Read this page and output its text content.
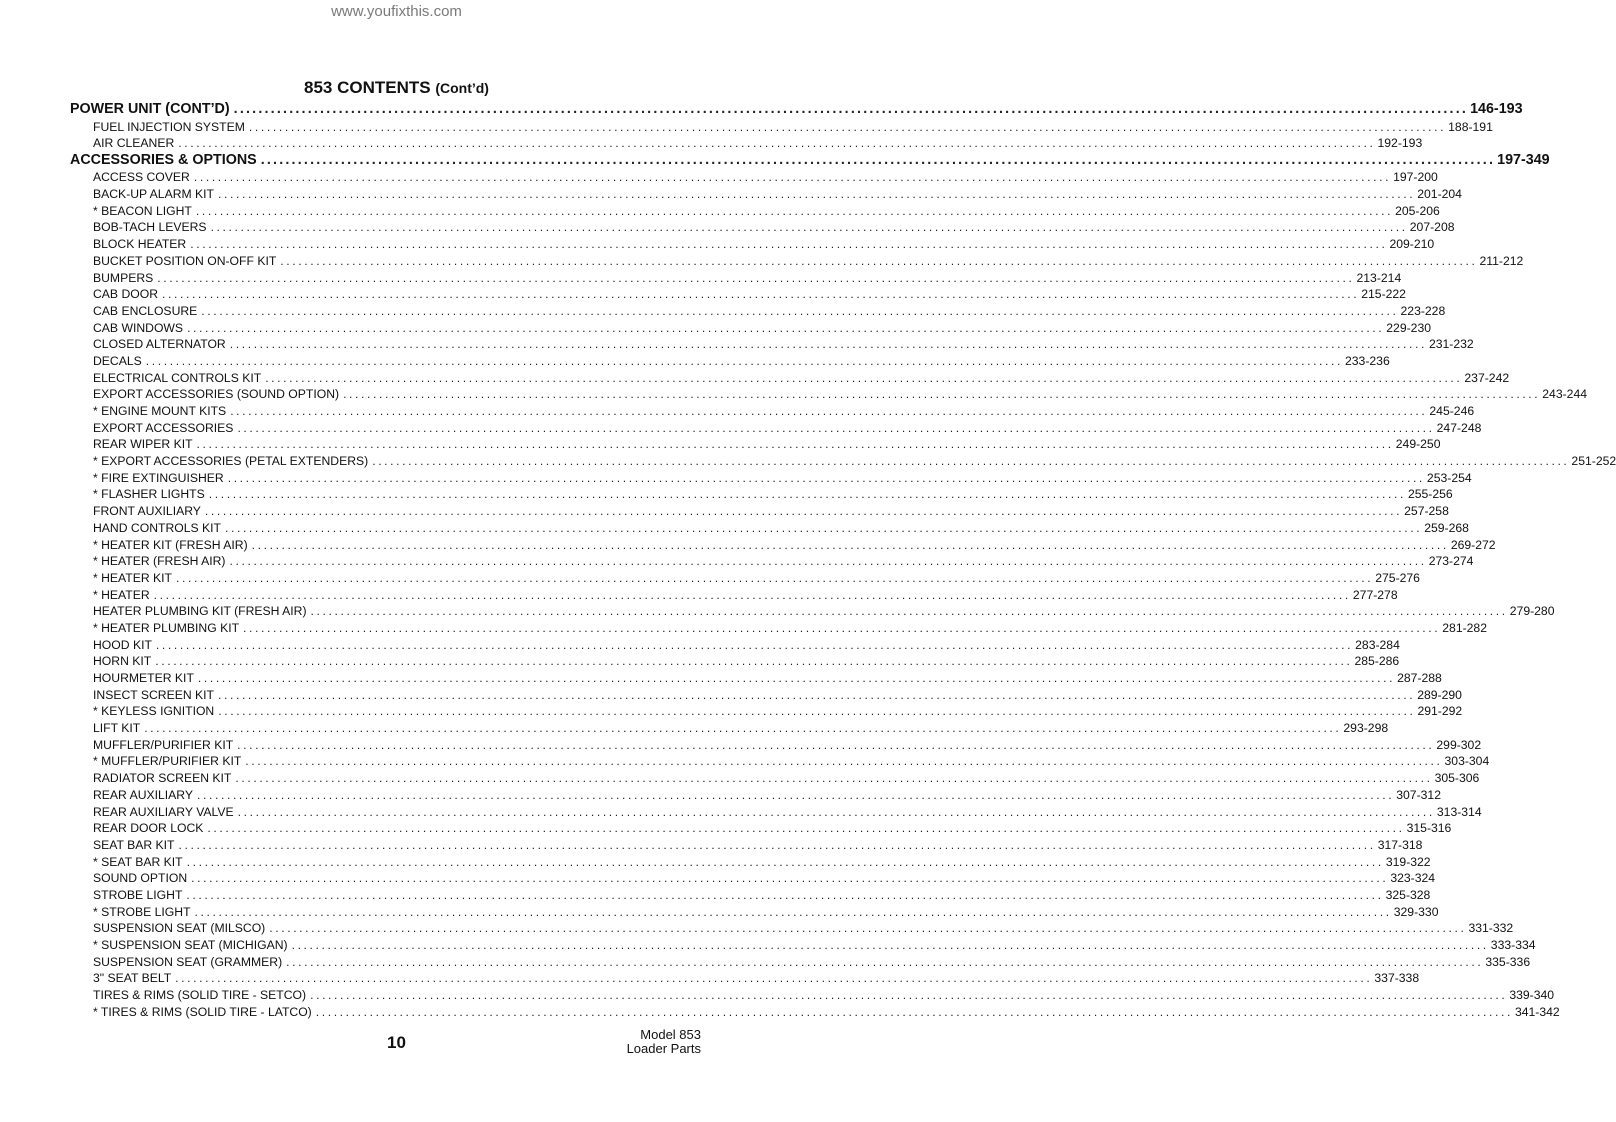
www.youfixthis.com
853 CONTENTS (Cont’d)
POWER UNIT (CONT’D) ........................................................................................................................................................................................................ 146-193
FUEL INJECTION SYSTEM ........................................................................................................................................................................................................ 188-191
AIR CLEANER ........................................................................................................................................................................................................ 192-193
ACCESSORIES & OPTIONS ........................................................................................................................................................................................................ 197-349
ACCESS COVER ........................................................................................................................................................................................................ 197-200
BACK-UP ALARM KIT ........................................................................................................................................................................................................ 201-204
* BEACON LIGHT ........................................................................................................................................................................................................ 205-206
BOB-TACH LEVERS ........................................................................................................................................................................................................ 207-208
BLOCK HEATER ........................................................................................................................................................................................................ 209-210
BUCKET POSITION ON-OFF KIT ........................................................................................................................................................................................................ 211-212
BUMPERS ........................................................................................................................................................................................................ 213-214
CAB DOOR ........................................................................................................................................................................................................ 215-222
CAB ENCLOSURE ........................................................................................................................................................................................................ 223-228
CAB WINDOWS ........................................................................................................................................................................................................ 229-230
CLOSED ALTERNATOR ........................................................................................................................................................................................................ 231-232
DECALS ........................................................................................................................................................................................................ 233-236
ELECTRICAL CONTROLS KIT ........................................................................................................................................................................................................ 237-242
EXPORT ACCESSORIES (SOUND OPTION) ........................................................................................................................................................................................................ 243-244
* ENGINE MOUNT KITS ........................................................................................................................................................................................................ 245-246
EXPORT ACCESSORIES ........................................................................................................................................................................................................ 247-248
REAR WIPER KIT ........................................................................................................................................................................................................ 249-250
* EXPORT ACCESSORIES (PETAL EXTENDERS) ........................................................................................................................................................................................................ 251-252
* FIRE EXTINGUISHER ........................................................................................................................................................................................................ 253-254
* FLASHER LIGHTS ........................................................................................................................................................................................................ 255-256
FRONT AUXILIARY ........................................................................................................................................................................................................ 257-258
HAND CONTROLS KIT ........................................................................................................................................................................................................ 259-268
* HEATER KIT (FRESH AIR) ........................................................................................................................................................................................................ 269-272
* HEATER (FRESH AIR) ........................................................................................................................................................................................................ 273-274
* HEATER KIT ........................................................................................................................................................................................................ 275-276
* HEATER ........................................................................................................................................................................................................ 277-278
HEATER PLUMBING KIT (FRESH AIR) ........................................................................................................................................................................................................ 279-280
* HEATER PLUMBING KIT ........................................................................................................................................................................................................ 281-282
HOOD KIT ........................................................................................................................................................................................................ 283-284
HORN KIT ........................................................................................................................................................................................................ 285-286
HOURMETER KIT ........................................................................................................................................................................................................ 287-288
INSECT SCREEN KIT ........................................................................................................................................................................................................ 289-290
* KEYLESS IGNITION ........................................................................................................................................................................................................ 291-292
LIFT KIT ........................................................................................................................................................................................................ 293-298
MUFFLER/PURIFIER KIT ........................................................................................................................................................................................................ 299-302
* MUFFLER/PURIFIER KIT ........................................................................................................................................................................................................ 303-304
RADIATOR SCREEN KIT ........................................................................................................................................................................................................ 305-306
REAR AUXILIARY ........................................................................................................................................................................................................ 307-312
REAR AUXILIARY VALVE ........................................................................................................................................................................................................ 313-314
REAR DOOR LOCK ........................................................................................................................................................................................................ 315-316
SEAT BAR KIT ........................................................................................................................................................................................................ 317-318
* SEAT BAR KIT ........................................................................................................................................................................................................ 319-322
SOUND OPTION ........................................................................................................................................................................................................ 323-324
STROBE LIGHT ........................................................................................................................................................................................................ 325-328
* STROBE LIGHT ........................................................................................................................................................................................................ 329-330
SUSPENSION SEAT (MILSCO) ........................................................................................................................................................................................................ 331-332
* SUSPENSION SEAT (MICHIGAN) ........................................................................................................................................................................................................ 333-334
SUSPENSION SEAT (GRAMMER) ........................................................................................................................................................................................................ 335-336
3" SEAT BELT ........................................................................................................................................................................................................ 337-338
TIRES & RIMS (SOLID TIRE - SETCO) ........................................................................................................................................................................................................ 339-340
* TIRES & RIMS (SOLID TIRE - LATCO) ........................................................................................................................................................................................................ 341-342
10	Model 853
Loader Parts
